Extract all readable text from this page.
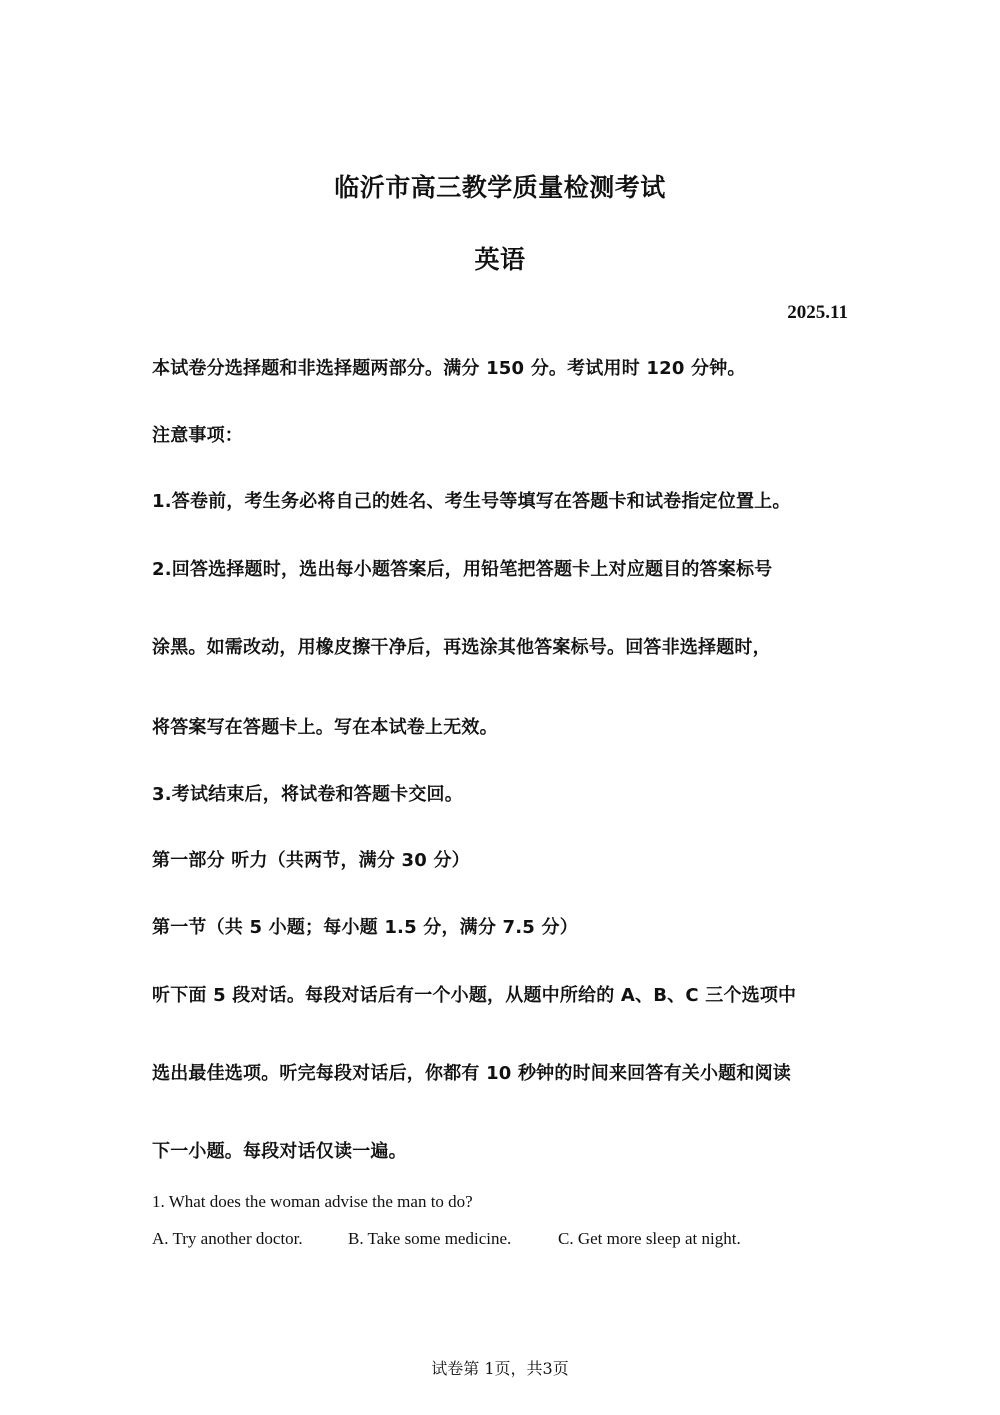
临沂市高三教学质量检测考试
英语
2025.11
本试卷分选择题和非选择题两部分。满分 150 分。考试用时 120 分钟。
注意事项：
1.答卷前，考生务必将自己的姓名、考生号等填写在答题卡和试卷指定位置上。
2.回答选择题时，选出每小题答案后，用铅笔把答题卡上对应题目的答案标号
涂黑。如需改动，用橡皮擦干净后，再选涂其他答案标号。回答非选择题时，
将答案写在答题卡上。写在本试卷上无效。
3.考试结束后，将试卷和答题卡交回。
第一部分 听力（共两节，满分 30 分）
第一节（共 5 小题；每小题 1.5 分，满分 7.5 分）
听下面 5 段对话。每段对话后有一个小题，从题中所给的 A、B、C 三个选项中
选出最佳选项。听完每段对话后，你都有 10 秒钟的时间来回答有关小题和阅读
下一小题。每段对话仅读一遍。
1. What does the woman advise the man to do?
A. Try another doctor.	B. Take some medicine.	C. Get more sleep at night.
试卷第 1页，共3页
